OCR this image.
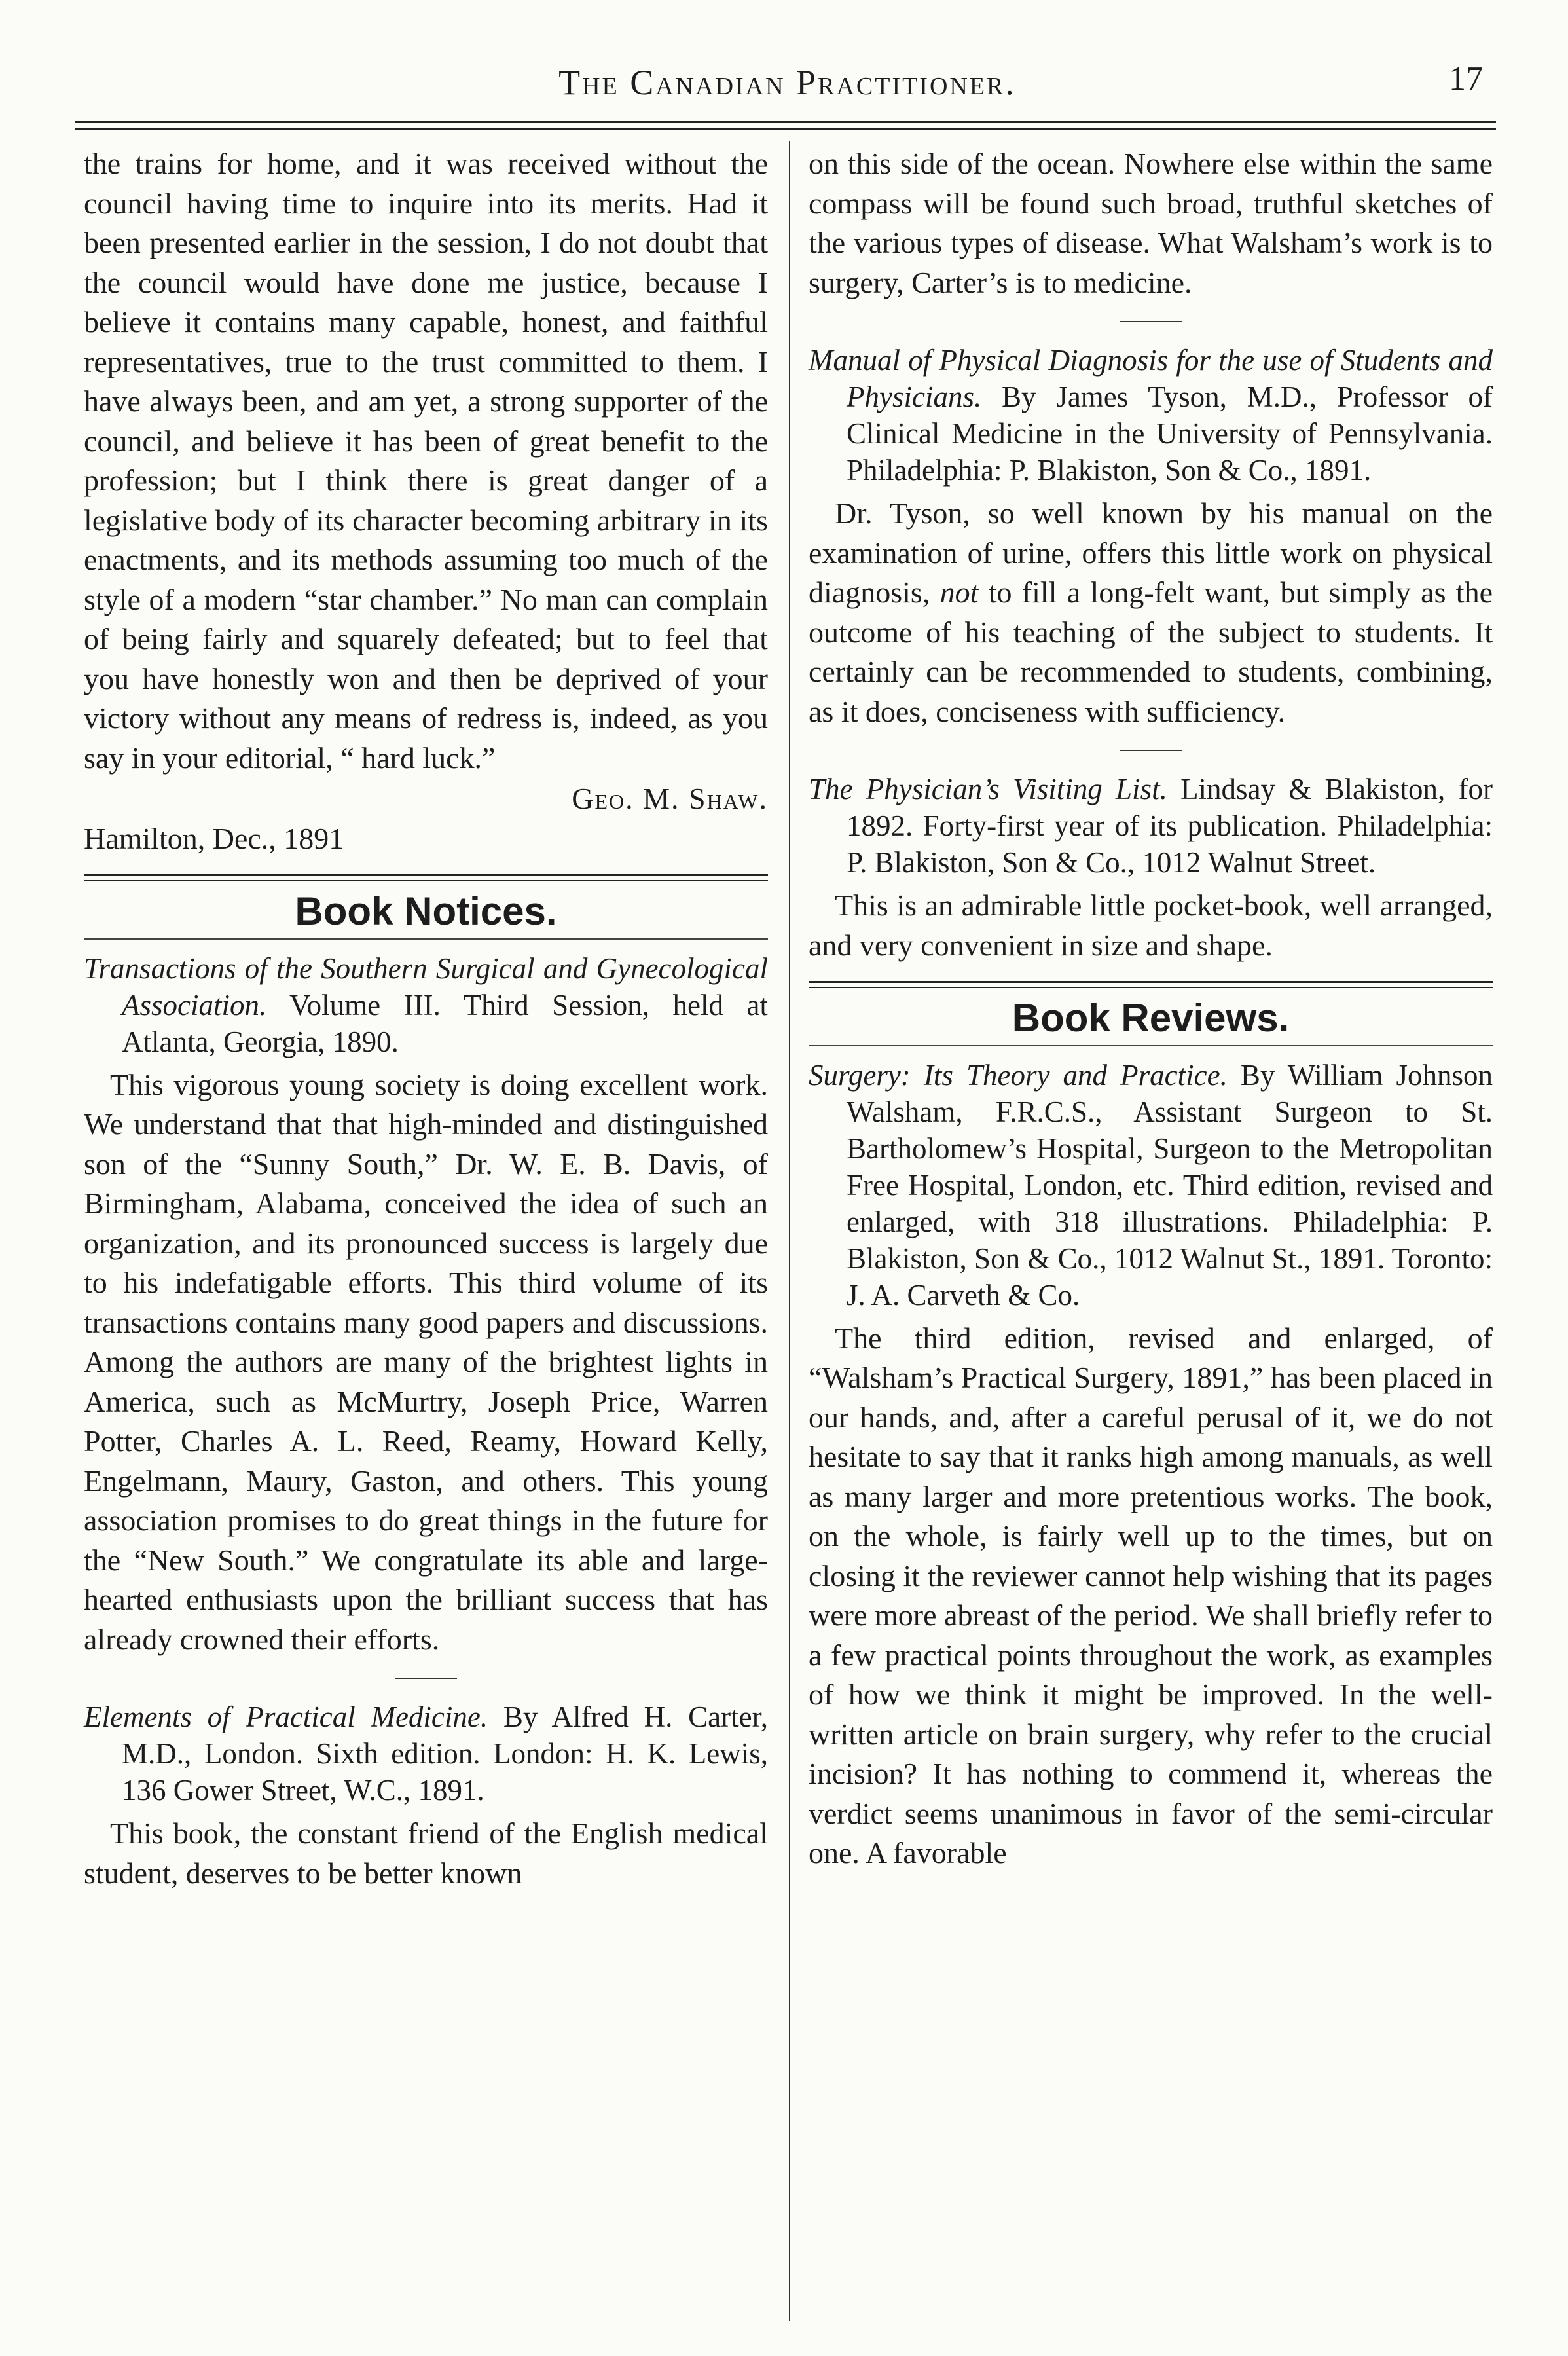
The Canadian Practitioner.	17

the trains for home, and it was received without the council having time to inquire into its merits. Had it been presented earlier in the session, I do not doubt that the council would have done me justice, because I believe it contains many capable, honest, and faithful representatives, true to the trust committed to them. I have always been, and am yet, a strong supporter of the council, and believe it has been of great benefit to the profession; but I think there is great danger of a legislative body of its character becoming arbitrary in its enactments, and its methods assuming too much of the style of a modern “star chamber.” No man can complain of being fairly and squarely defeated; but to feel that you have honestly won and then be deprived of your victory without any means of redress is, indeed, as you say in your editorial, “ hard luck.”

Geo. M. Shaw.

Hamilton, Dec., 1891

Book Notices.

Transactions of the Southern Surgical and Gynecological Association. Volume III. Third Session, held at Atlanta, Georgia, 1890.

This vigorous young society is doing excellent work. We understand that that high-minded and distinguished son of the “Sunny South,” Dr. W. E. B. Davis, of Birmingham, Alabama, conceived the idea of such an organization, and its pronounced success is largely due to his indefatigable efforts. This third volume of its transactions contains many good papers and discussions. Among the authors are many of the brightest lights in America, such as McMurtry, Joseph Price, Warren Potter, Charles A. L. Reed, Reamy, Howard Kelly, Engelmann, Maury, Gaston, and others. This young association promises to do great things in the future for the “New South.” We congratulate its able and large-hearted enthusiasts upon the brilliant success that has already crowned their efforts.

Elements of Practical Medicine. By Alfred H. Carter, M.D., London. Sixth edition. London: H. K. Lewis, 136 Gower Street, W.C., 1891.

This book, the constant friend of the English medical student, deserves to be better known

on this side of the ocean. Nowhere else within the same compass will be found such broad, truthful sketches of the various types of disease. What Walsham’s work is to surgery, Carter’s is to medicine.

Manual of Physical Diagnosis for the use of Students and Physicians. By James Tyson, M.D., Professor of Clinical Medicine in the University of Pennsylvania. Philadelphia: P. Blakiston, Son & Co., 1891.

Dr. Tyson, so well known by his manual on the examination of urine, offers this little work on physical diagnosis, not to fill a long-felt want, but simply as the outcome of his teaching of the subject to students. It certainly can be recommended to students, combining, as it does, conciseness with sufficiency.

The Physician’s Visiting List. Lindsay & Blakiston, for 1892. Forty-first year of its publication. Philadelphia: P. Blakiston, Son & Co., 1012 Walnut Street.

This is an admirable little pocket-book, well arranged, and very convenient in size and shape.

Book Reviews.

Surgery: Its Theory and Practice. By William Johnson Walsham, F.R.C.S., Assistant Surgeon to St. Bartholomew’s Hospital, Surgeon to the Metropolitan Free Hospital, London, etc. Third edition, revised and enlarged, with 318 illustrations. Philadelphia: P. Blakiston, Son & Co., 1012 Walnut St., 1891. Toronto: J. A. Carveth & Co.

The third edition, revised and enlarged, of “Walsham’s Practical Surgery, 1891,” has been placed in our hands, and, after a careful perusal of it, we do not hesitate to say that it ranks high among manuals, as well as many larger and more pretentious works. The book, on the whole, is fairly well up to the times, but on closing it the reviewer cannot help wishing that its pages were more abreast of the period. We shall briefly refer to a few practical points throughout the work, as examples of how we think it might be improved. In the well-written article on brain surgery, why refer to the crucial incision? It has nothing to commend it, whereas the verdict seems unanimous in favor of the semi-circular one. A favorable
